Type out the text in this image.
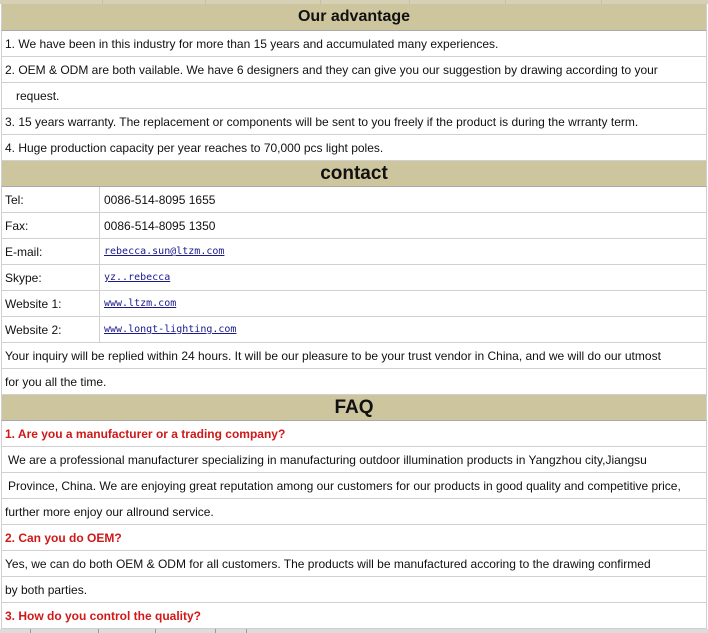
Our advantage
1. We have been in this industry for more than 15 years and accumulated many experiences.
2. OEM & ODM are both vailable. We have 6 designers and they can give you our suggestion by drawing according to your
request.
3. 15 years warranty. The replacement or components will be sent to you freely if the product is during the wrranty term.
4. Huge production capacity per year reaches to 70,000 pcs light poles.
contact
Tel:	0086-514-8095 1655
Fax:	0086-514-8095 1350
E-mail:	rebecca.sun@ltzm.com
Skype:	yz..rebecca
Website 1:	www.ltzm.com
Website 2:	www.longt-lighting.com
Your inquiry will be replied within 24 hours. It will be our pleasure to be your trust vendor in China, and we will do our utmost
for you all the time.
FAQ
1. Are you a manufacturer or a trading company?
We are a professional manufacturer specializing in manufacturing outdoor illumination products in Yangzhou city,Jiangsu
Province, China. We are enjoying great reputation among our customers for our products in good quality and competitive price,
further more enjoy our allround service.
2. Can you do OEM?
Yes, we can do both OEM & ODM for all customers. The products will be manufactured accoring to the drawing confirmed
by both parties.
3. How do you control the quality?
